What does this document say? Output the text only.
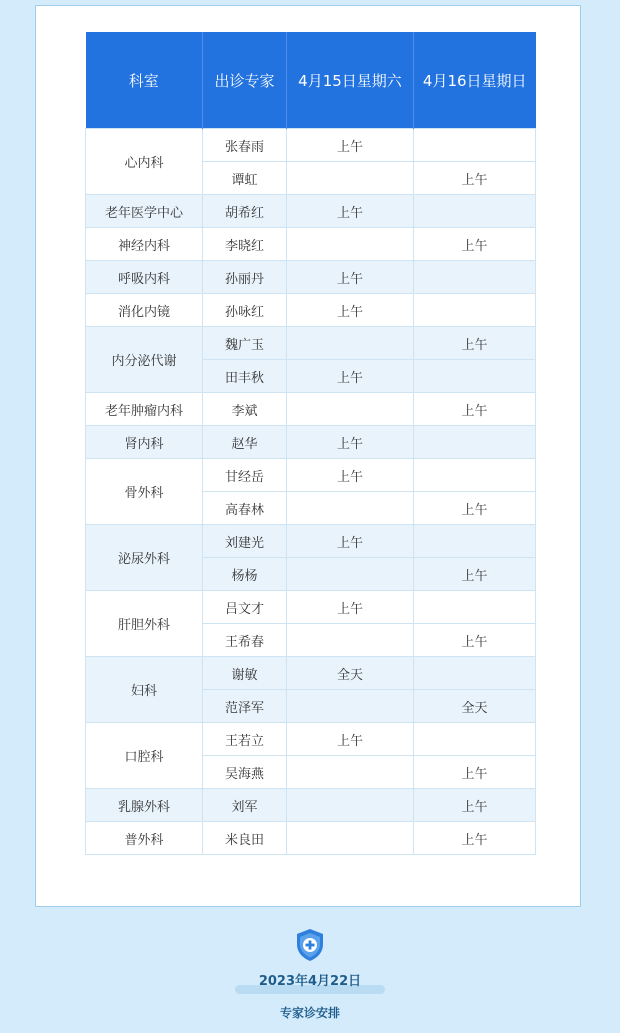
科室	出诊专家	4月15日星期六	4月16日星期日
心内科	张春雨	上午	
	谭虹		上午
老年医学中心	胡希红	上午	
神经内科	李晓红		上午
呼吸内科	孙丽丹	上午	
消化内镜	孙咏红	上午	
内分泌代谢	魏广玉		上午
	田丰秋	上午	
老年肿瘤内科	李斌		上午
肾内科	赵华	上午	
骨外科	甘经岳	上午	
	高春林		上午
泌尿外科	刘建光	上午	
	杨杨		上午
肝胆外科	吕文才	上午	
	王希春		上午
妇科	谢敏	全天	
	范泽军		全天
口腔科	王若立	上午	
	吴海燕		上午
乳腺外科	刘军		上午
普外科	米良田		上午
2023年4月22日
专家诊安排
